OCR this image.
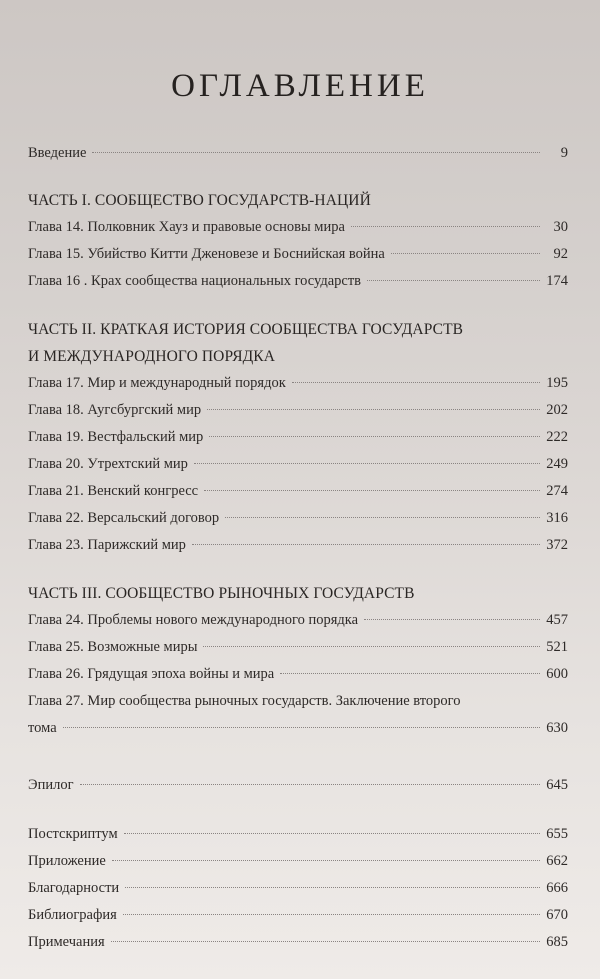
ОГЛАВЛЕНИЕ
Введение	9
ЧАСТЬ I. СООБЩЕСТВО ГОСУДАРСТВ-НАЦИЙ
Глава 14. Полковник Хауз и правовые основы мира	30
Глава 15. Убийство Китти Дженовезе и Боснийская война	92
Глава 16 . Крах сообщества национальных государств	174
ЧАСТЬ II. КРАТКАЯ ИСТОРИЯ СООБЩЕСТВА ГОСУДАРСТВ
И МЕЖДУНАРОДНОГО ПОРЯДКА
Глава 17. Мир и международный порядок	195
Глава 18. Аугсбургский мир	202
Глава 19. Вестфальский мир	222
Глава 20. Утрехтский мир	249
Глава 21. Венский конгресс	274
Глава 22. Версальский договор	316
Глава 23. Парижский мир	372
ЧАСТЬ III. СООБЩЕСТВО РЫНОЧНЫХ ГОСУДАРСТВ
Глава 24. Проблемы нового международного порядка	457
Глава 25. Возможные миры	521
Глава 26. Грядущая эпоха войны и мира	600
Глава 27. Мир сообщества рыночных государств. Заключение второго
тома	630
Эпилог	645
Постскриптум	655
Приложение	662
Благодарности	666
Библиография	670
Примечания	685
